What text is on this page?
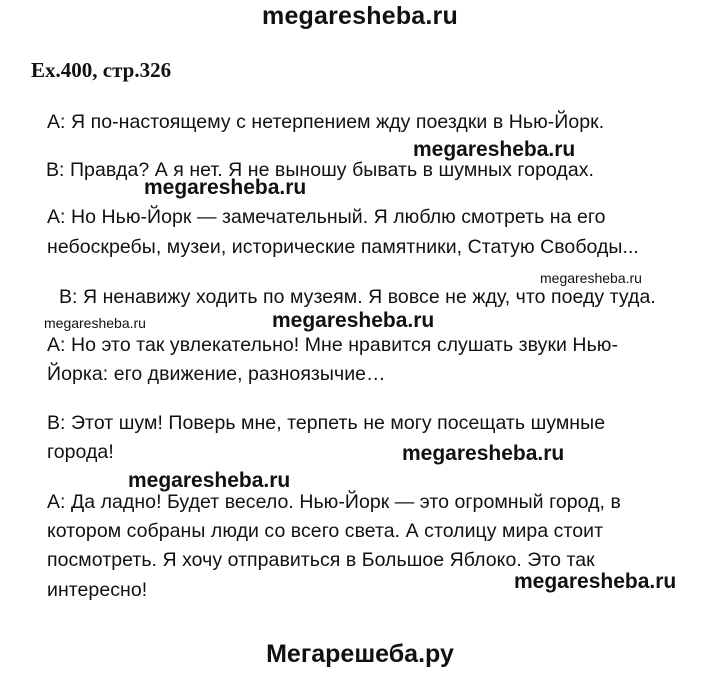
megaresheba.ru
Ex.400, стр.326
A: Я по-настоящему с нетерпением жду поездки в Нью-Йорк.
B: Правда? А я нет. Я не выношу бывать в шумных городах.
A: Но Нью-Йорк — замечательный. Я люблю смотреть на его
небоскребы, музеи, исторические памятники, Статую Свободы...
B: Я ненавижу ходить по музеям. Я вовсе не жду, что поеду туда.
A: Но это так увлекательно! Мне нравится слушать звуки Нью-
Йорка: его движение, разноязычие…
B: Этот шум! Поверь мне, терпеть не могу посещать шумные
города!
A: Да ладно! Будет весело. Нью-Йорк — это огромный город, в
котором собраны люди со всего света. А столицу мира стоит
посмотреть. Я хочу отправиться в Большое Яблоко. Это так
интересно!
megaresheba.ru
megaresheba.ru
megaresheba.ru
megaresheba.ru	megaresheba.ru
megaresheba.ru
megaresheba.ru
megaresheba.ru
Мегарешеба.ру
